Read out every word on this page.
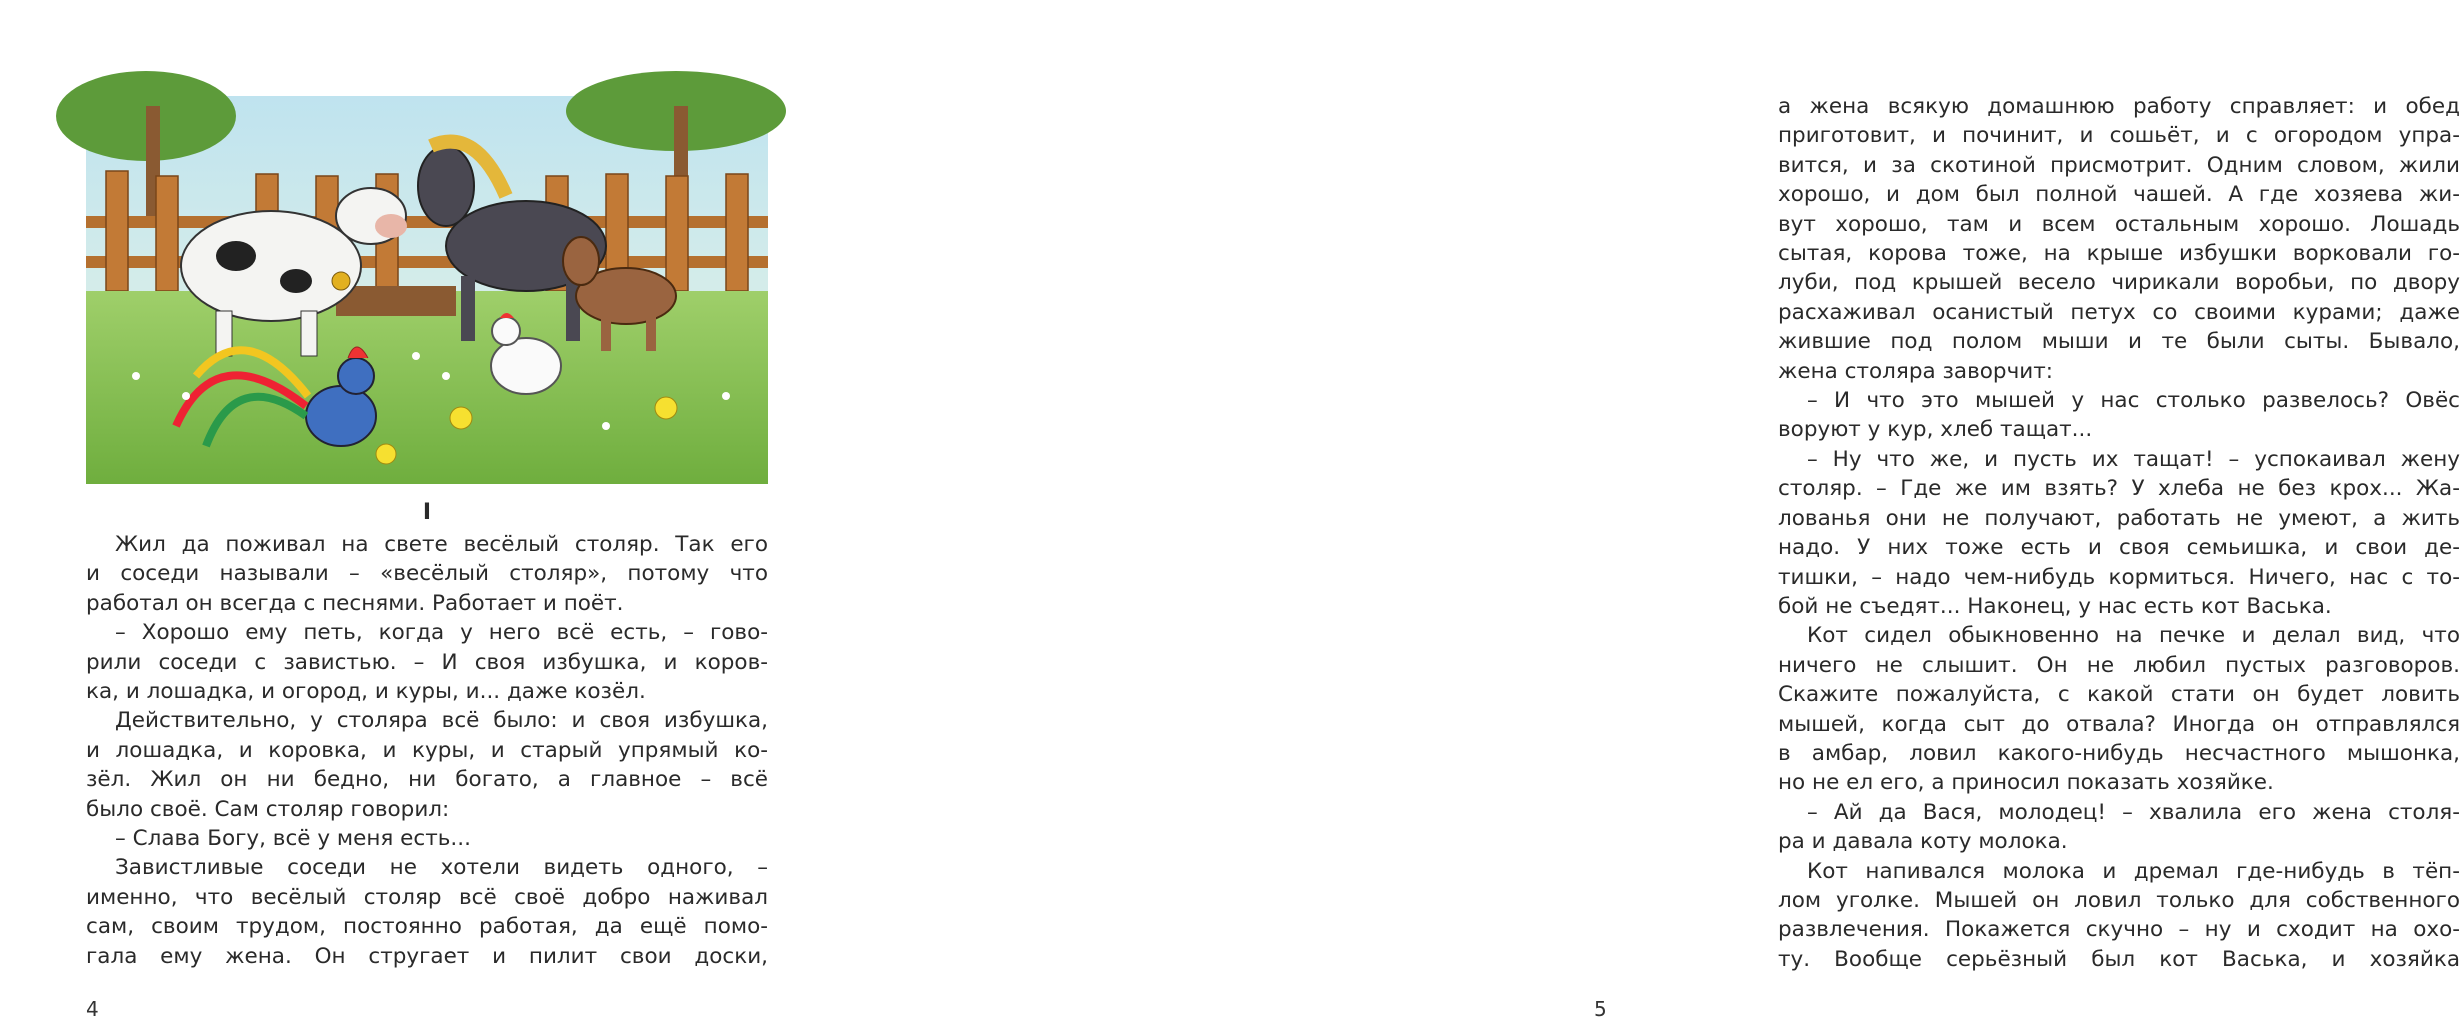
I
Жил да поживал на свете весёлый столяр. Так его
и соседи называли – «весёлый столяр», потому что
работал он всегда с песнями. Работает и поёт.
– Хорошо ему петь, когда у него всё есть, – гово-
рили соседи с завистью. – И своя избушка, и коров-
ка, и лошадка, и огород, и куры, и... даже козёл.
Действительно, у столяра всё было: и своя избушка,
и лошадка, и коровка, и куры, и старый упрямый ко-
зёл. Жил он ни бедно, ни богато, а главное – всё
было своё. Сам столяр говорил:
– Слава Богу, всё у меня есть...
Завистливые соседи не хотели видеть одного, –
именно, что весёлый столяр всё своё добро наживал
сам, своим трудом, постоянно работая, да ещё помо-
гала ему жена. Он стругает и пилит свои доски,
4
а жена всякую домашнюю работу справляет: и обед
приготовит, и починит, и сошьёт, и с огородом упра-
вится, и за скотиной присмотрит. Одним словом, жили
хорошо, и дом был полной чашей. А где хозяева жи-
вут хорошо, там и всем остальным хорошо. Лошадь
сытая, корова тоже, на крыше избушки ворковали го-
луби, под крышей весело чирикали воробьи, по двору
расхаживал осанистый петух со своими курами; даже
жившие под полом мыши и те были сыты. Бывало,
жена столяра заворчит:
– И что это мышей у нас столько развелось? Овёс
воруют у кур, хлеб тащат...
– Ну что же, и пусть их тащат! – успокаивал жену
столяр. – Где же им взять? У хлеба не без крох... Жа-
лованья они не получают, работать не умеют, а жить
надо. У них тоже есть и своя семьишка, и свои де-
тишки, – надо чем-нибудь кормиться. Ничего, нас с то-
бой не съедят... Наконец, у нас есть кот Васька.
Кот сидел обыкновенно на печке и делал вид, что
ничего не слышит. Он не любил пустых разговоров.
Скажите пожалуйста, с какой стати он будет ловить
мышей, когда сыт до отвала? Иногда он отправлялся
в амбар, ловил какого-нибудь несчастного мышонка,
но не ел его, а приносил показать хозяйке.
– Ай да Вася, молодец! – хвалила его жена столя-
ра и давала коту молока.
Кот напивался молока и дремал где-нибудь в тёп-
лом уголке. Мышей он ловил только для собственного
развлечения. Покажется скучно – ну и сходит на охо-
ту. Вообще серьёзный был кот Васька, и хозяйка
5
